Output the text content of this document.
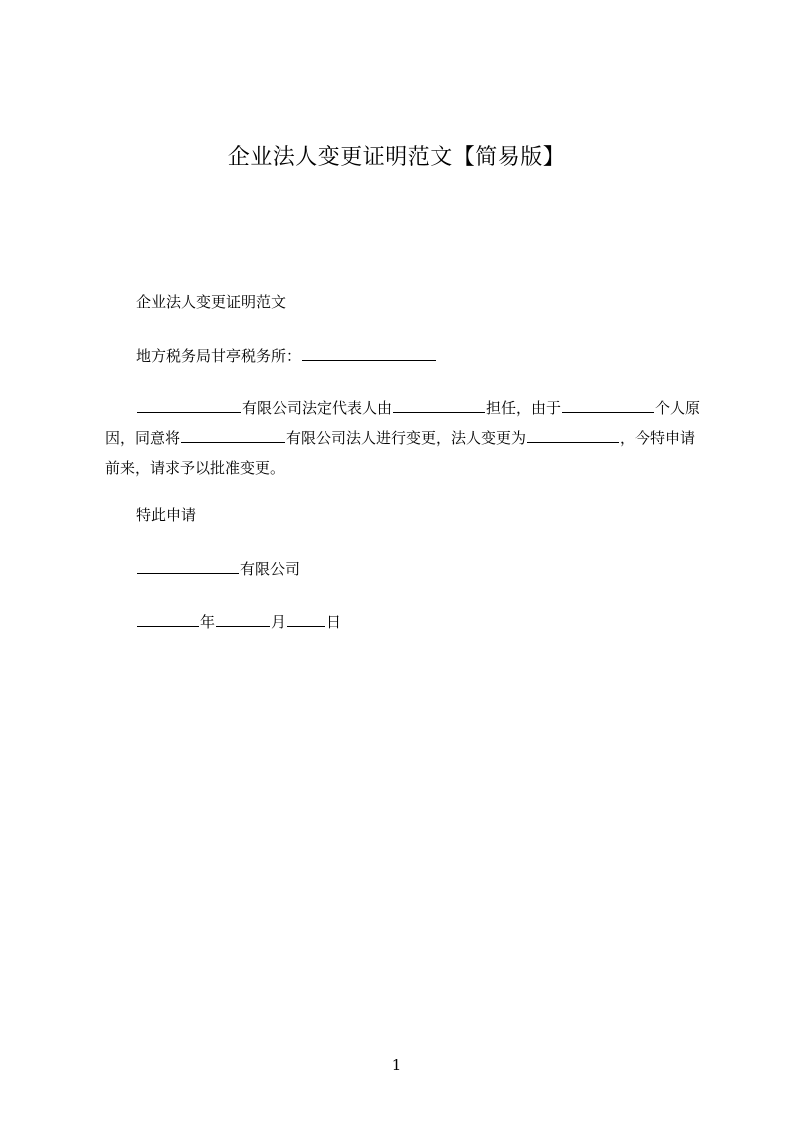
企业法人变更证明范文【简易版】
企业法人变更证明范文
地方税务局甘亭税务所：
有限公司法定代表人由	担任，由于	个人原因，同意将	有限公司法人进行变更，法人变更为	，今特申请前来，请求予以批准变更。
特此申请
有限公司
年	月	日
1
